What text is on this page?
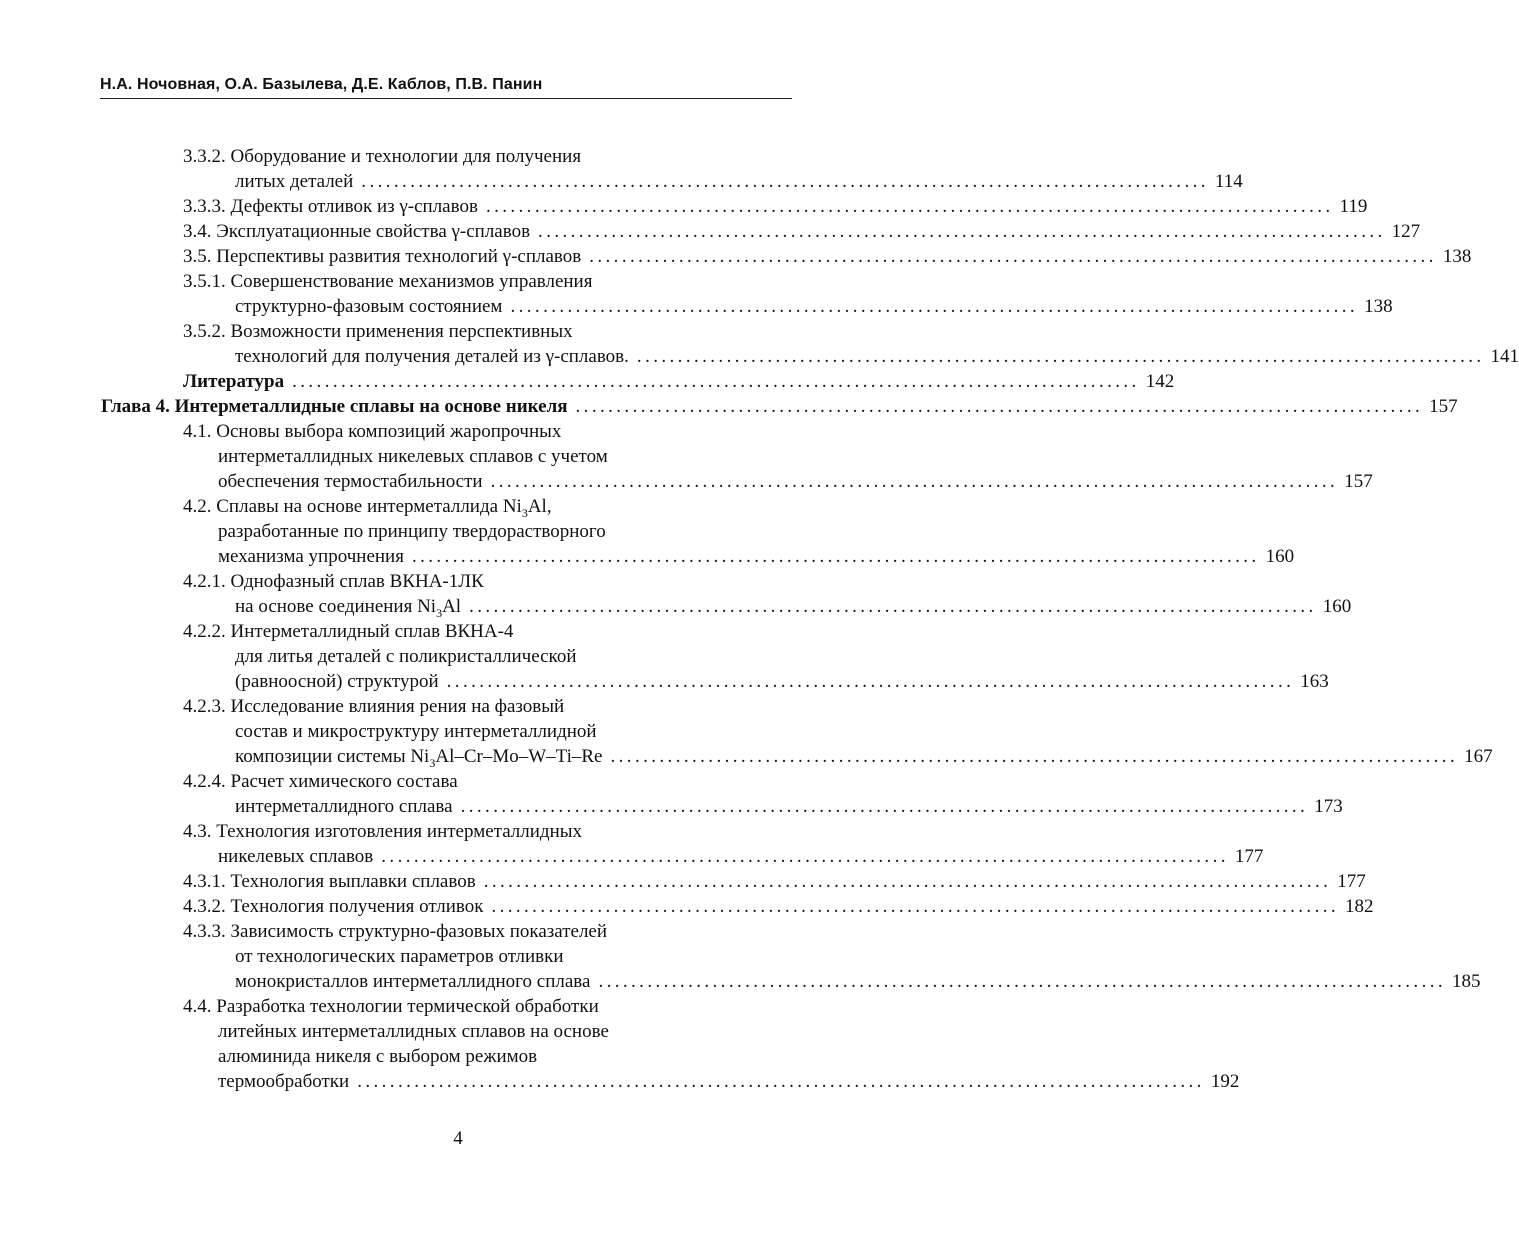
Н.А. Ночовная, О.А. Базылева, Д.Е. Каблов, П.В. Панин
3.3.2. Оборудование и технологии для получения
литых деталей ........................................................................................................ 114
3.3.3. Дефекты отливок из γ-сплавов ........................................................................................................ 119
3.4. Эксплуатационные свойства γ-сплавов ........................................................................................................ 127
3.5. Перспективы развития технологий γ-сплавов ........................................................................................................ 138
3.5.1. Совершенствование механизмов управления
структурно-фазовым состоянием ........................................................................................................ 138
3.5.2. Возможности применения перспективных
технологий для получения деталей из γ-сплавов. ........................................................................................................ 141
Литература ........................................................................................................ 142
Глава 4. Интерметаллидные сплавы на основе никеля ........................................................................................................ 157
4.1. Основы выбора композиций жаропрочных
интерметаллидных никелевых сплавов с учетом
обеспечения термостабильности ........................................................................................................ 157
4.2. Сплавы на основе интерметаллида $Ni_3Al$,
разработанные по принципу твердорастворного
механизма упрочнения ........................................................................................................ 160
4.2.1. Однофазный сплав ВКНА-1ЛК
на основе соединения $Ni_3Al$ ........................................................................................................ 160
4.2.2. Интерметаллидный сплав ВКНА-4
для литья деталей с поликристаллической
(равноосной) структурой ........................................................................................................ 163
4.2.3. Исследование влияния рения на фазовый
состав и микроструктуру интерметаллидной
композиции системы $Ni_3Al-Cr-Mo-W-Ti-Re$ ........................................................................................................ 167
4.2.4. Расчет химического состава
интерметаллидного сплава ........................................................................................................ 173
4.3. Технология изготовления интерметаллидных
никелевых сплавов ........................................................................................................ 177
4.3.1. Технология выплавки сплавов ........................................................................................................ 177
4.3.2. Технология получения отливок ........................................................................................................ 182
4.3.3. Зависимость структурно-фазовых показателей
от технологических параметров отливки
монокристаллов интерметаллидного сплава ........................................................................................................ 185
4.4. Разработка технологии термической обработки
литейных интерметаллидных сплавов на основе
алюминида никеля с выбором режимов
термообработки ........................................................................................................ 192
4
